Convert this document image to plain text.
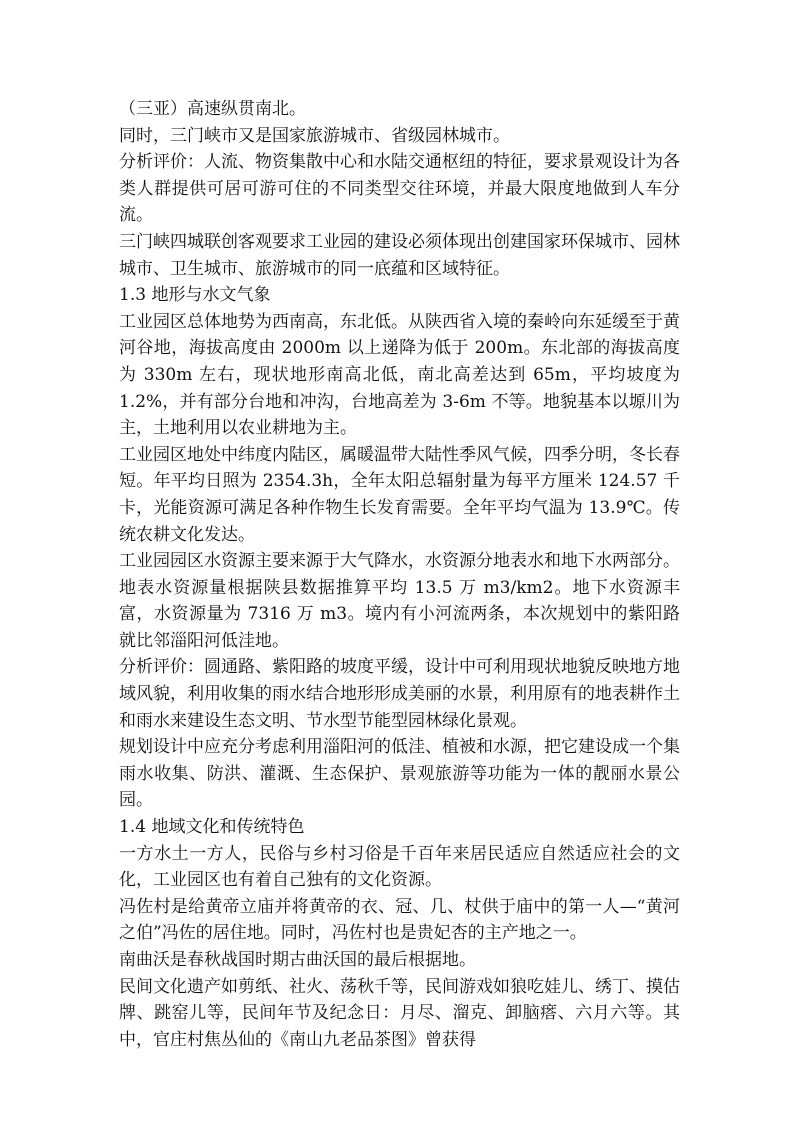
（三亚）高速纵贯南北。

同时，三门峡市又是国家旅游城市、省级园林城市。

分析评价：人流、物资集散中心和水陆交通枢纽的特征，要求景观设计为各类人群提供可居可游可住的不同类型交往环境，并最大限度地做到人车分流。

三门峡四城联创客观要求工业园的建设必须体现出创建国家环保城市、园林城市、卫生城市、旅游城市的同一底蕴和区域特征。

1.3 地形与水文气象

工业园区总体地势为西南高，东北低。从陕西省入境的秦岭向东延缓至于黄河谷地，海拔高度由 2000m 以上递降为低于 200m。东北部的海拔高度为 330m 左右，现状地形南高北低，南北高差达到 65m，平均坡度为 1.2%，并有部分台地和冲沟，台地高差为 3-6m 不等。地貌基本以塬川为主，土地利用以农业耕地为主。

工业园区地处中纬度内陆区，属暖温带大陆性季风气候，四季分明，冬长春短。年平均日照为 2354.3h，全年太阳总辐射量为每平方厘米 124.57 千卡，光能资源可满足各种作物生长发育需要。全年平均气温为 13.9℃。传统农耕文化发达。

工业园园区水资源主要来源于大气降水，水资源分地表水和地下水两部分。地表水资源量根据陕县数据推算平均 13.5 万 m3/km2。地下水资源丰富，水资源量为 7316 万 m3。境内有小河流两条，本次规划中的紫阳路就比邻淄阳河低洼地。

分析评价：圆通路、紫阳路的坡度平缓，设计中可利用现状地貌反映地方地域风貌，利用收集的雨水结合地形形成美丽的水景，利用原有的地表耕作土和雨水来建设生态文明、节水型节能型园林绿化景观。

规划设计中应充分考虑利用淄阳河的低洼、植被和水源，把它建设成一个集雨水收集、防洪、灌溉、生态保护、景观旅游等功能为一体的靓丽水景公园。

1.4 地域文化和传统特色

一方水土一方人，民俗与乡村习俗是千百年来居民适应自然适应社会的文化，工业园区也有着自己独有的文化资源。

冯佐村是给黄帝立庙并将黄帝的衣、冠、几、杖供于庙中的第一人—“黄河之伯”冯佐的居住地。同时，冯佐村也是贵妃杏的主产地之一。

南曲沃是春秋战国时期古曲沃国的最后根据地。

民间文化遗产如剪纸、社火、荡秋千等，民间游戏如狼吃娃儿、绣丁、摸估牌、跳窑儿等，民间年节及纪念日：月尽、溜克、卸脑瘩、六月六等。其中，官庄村焦丛仙的《南山九老品茶图》曾获得
